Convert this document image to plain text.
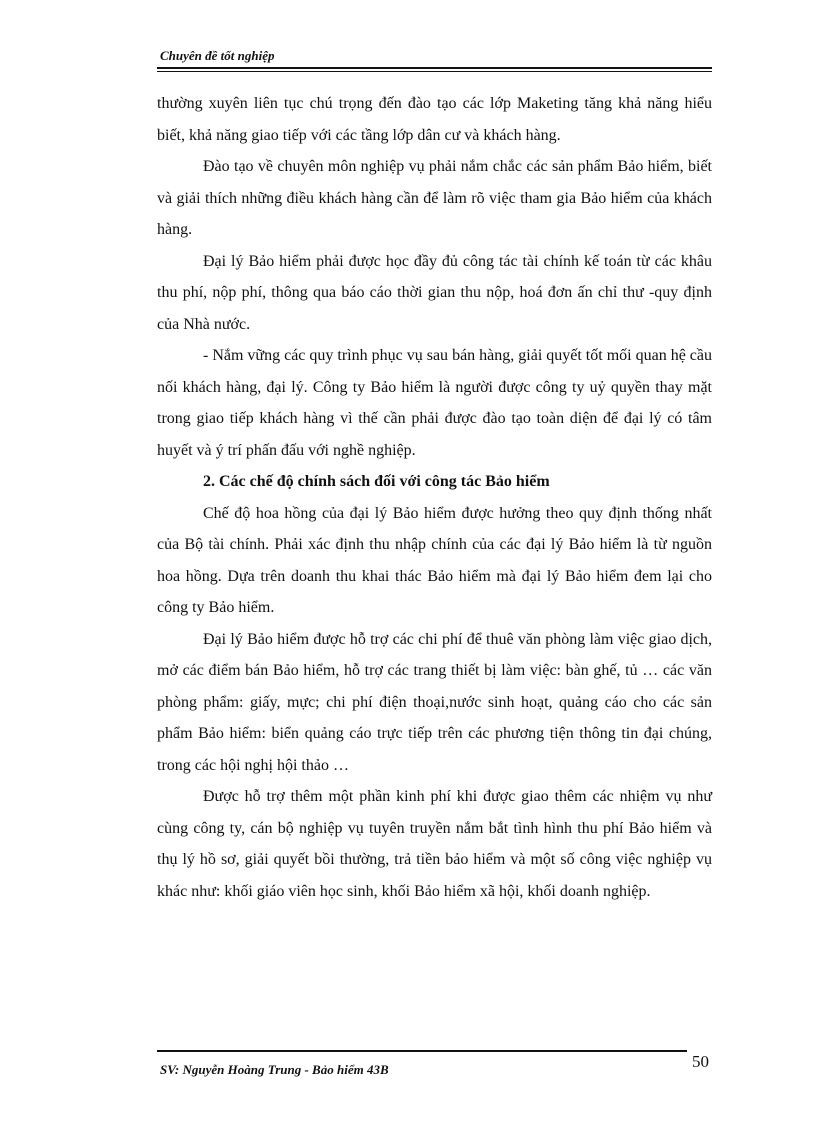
Chuyên đề tốt nghiệp

thường xuyên liên tục chú trọng đến đào tạo các lớp Maketing tăng khả năng hiểu biết, khả năng giao tiếp với các tầng lớp dân cư và khách hàng.

Đào tạo về chuyên môn nghiệp vụ phải nắm chắc các sản phẩm Bảo hiểm, biết và giải thích những điều khách hàng cần để làm rõ việc tham gia Bảo hiểm của khách hàng.

Đại lý Bảo hiểm phải được học đầy đủ công tác tài chính kế toán từ các khâu thu phí, nộp phí, thông qua báo cáo thời gian thu nộp, hoá đơn ấn chỉ thư -quy định của Nhà nước.

- Nắm vững các quy trình phục vụ sau bán hàng, giải quyết tốt mối quan hệ cầu nối khách hàng, đại lý. Công ty Bảo hiểm là người được công ty uỷ quyền thay mặt trong giao tiếp khách hàng vì thế cần phải được đào tạo toàn diện để đại lý có tâm huyết và ý trí phấn đấu với nghề nghiệp.

2. Các chế độ chính sách đối với công tác Bảo hiểm

Chế độ hoa hồng của đại lý Bảo hiểm được hưởng theo quy định thống nhất của Bộ tài chính. Phải xác định thu nhập chính của các đại lý Bảo hiểm là từ nguồn hoa hồng. Dựa trên doanh thu khai thác Bảo hiểm mà đại lý Bảo hiểm đem lại cho công ty Bảo hiểm.

Đại lý Bảo hiểm được hỗ trợ các chi phí để thuê văn phòng làm việc giao dịch, mở các điểm bán Bảo hiểm, hỗ trợ các trang thiết bị làm việc: bàn ghế, tủ … các văn phòng phẩm: giấy, mực; chi phí điện thoại,nước sinh hoạt, quảng cáo cho các sản phẩm Bảo hiểm: biển quảng cáo trực tiếp trên các phương tiện thông tin đại chúng, trong các hội nghị hội thảo …

Được hỗ trợ thêm một phần kinh phí khi được giao thêm các nhiệm vụ như cùng công ty, cán bộ nghiệp vụ tuyên truyền nắm bắt tình hình thu phí Bảo hiểm và thụ lý hồ sơ, giải quyết bồi thường, trả tiền bảo hiểm và một số công việc nghiệp vụ khác như: khối giáo viên học sinh, khối Bảo hiểm xã hội, khối doanh nghiệp.

SV: Nguyễn Hoàng Trung - Bảo hiểm 43B	50
